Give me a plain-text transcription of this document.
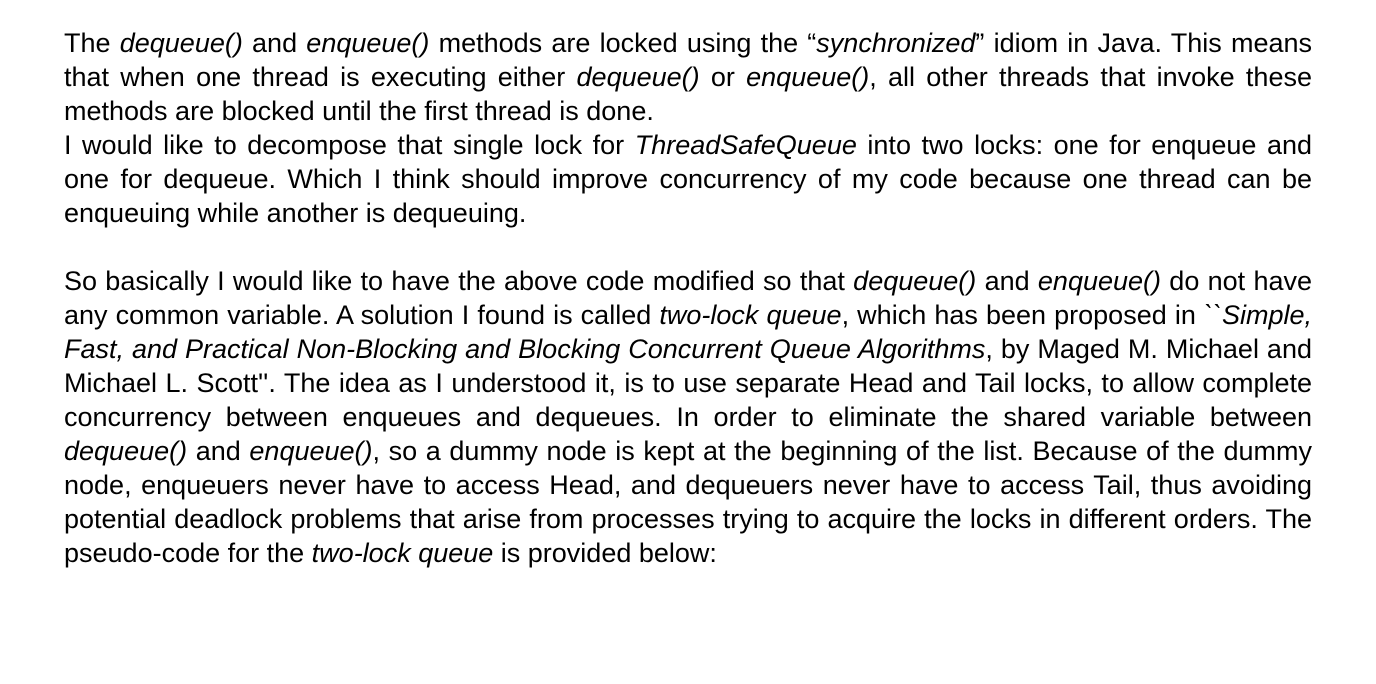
The dequeue() and enqueue() methods are locked using the “synchronized” idiom in Java. This means that when one thread is executing either dequeue() or enqueue(), all other threads that invoke these methods are blocked until the first thread is done.

I would like to decompose that single lock for ThreadSafeQueue into two locks: one for enqueue and one for dequeue. Which I think should improve concurrency of my code because one thread can be enqueuing while another is dequeuing.

So basically I would like to have the above code modified so that dequeue() and enqueue() do not have any common variable. A solution I found is called two-lock queue, which has been proposed in ``Simple, Fast, and Practical Non-Blocking and Blocking Concurrent Queue Algorithms, by Maged M. Michael and Michael L. Scott''. The idea as I understood it, is to use separate Head and Tail locks, to allow complete concurrency between enqueues and dequeues. In order to eliminate the shared variable between dequeue() and enqueue(), so a dummy node is kept at the beginning of the list. Because of the dummy node, enqueuers never have to access Head, and dequeuers never have to access Tail, thus avoiding potential deadlock problems that arise from processes trying to acquire the locks in different orders. The pseudo-code for the two-lock queue is provided below:
